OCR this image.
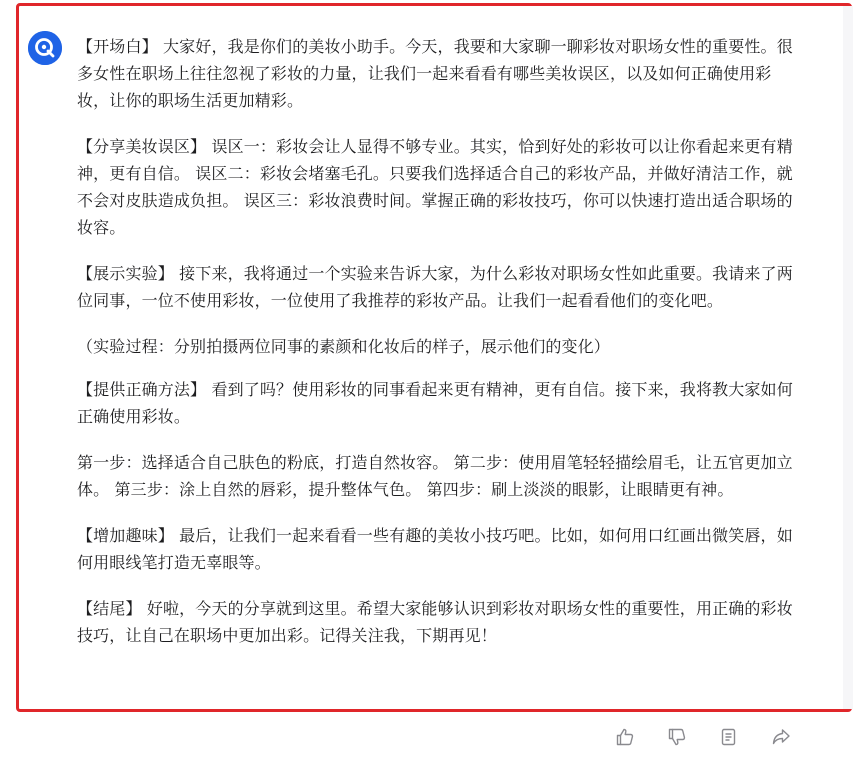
【开场白】 大家好，我是你们的美妆小助手。今天，我要和大家聊一聊彩妆对职场女性的重要性。很多女性在职场上往往忽视了彩妆的力量，让我们一起来看看有哪些美妆误区，以及如何正确使用彩妆，让你的职场生活更加精彩。

【分享美妆误区】 误区一：彩妆会让人显得不够专业。其实，恰到好处的彩妆可以让你看起来更有精神，更有自信。 误区二：彩妆会堵塞毛孔。只要我们选择适合自己的彩妆产品，并做好清洁工作，就不会对皮肤造成负担。 误区三：彩妆浪费时间。掌握正确的彩妆技巧，你可以快速打造出适合职场的妆容。

【展示实验】 接下来，我将通过一个实验来告诉大家，为什么彩妆对职场女性如此重要。我请来了两位同事，一位不使用彩妆，一位使用了我推荐的彩妆产品。让我们一起看看他们的变化吧。

（实验过程：分别拍摄两位同事的素颜和化妆后的样子，展示他们的变化）

【提供正确方法】 看到了吗？使用彩妆的同事看起来更有精神，更有自信。接下来，我将教大家如何正确使用彩妆。

第一步：选择适合自己肤色的粉底，打造自然妆容。 第二步：使用眉笔轻轻描绘眉毛，让五官更加立体。 第三步：涂上自然的唇彩，提升整体气色。 第四步：刷上淡淡的眼影，让眼睛更有神。

【增加趣味】 最后，让我们一起来看看一些有趣的美妆小技巧吧。比如，如何用口红画出微笑唇，如何用眼线笔打造无辜眼等。

【结尾】 好啦，今天的分享就到这里。希望大家能够认识到彩妆对职场女性的重要性，用正确的彩妆技巧，让自己在职场中更加出彩。记得关注我，下期再见！
